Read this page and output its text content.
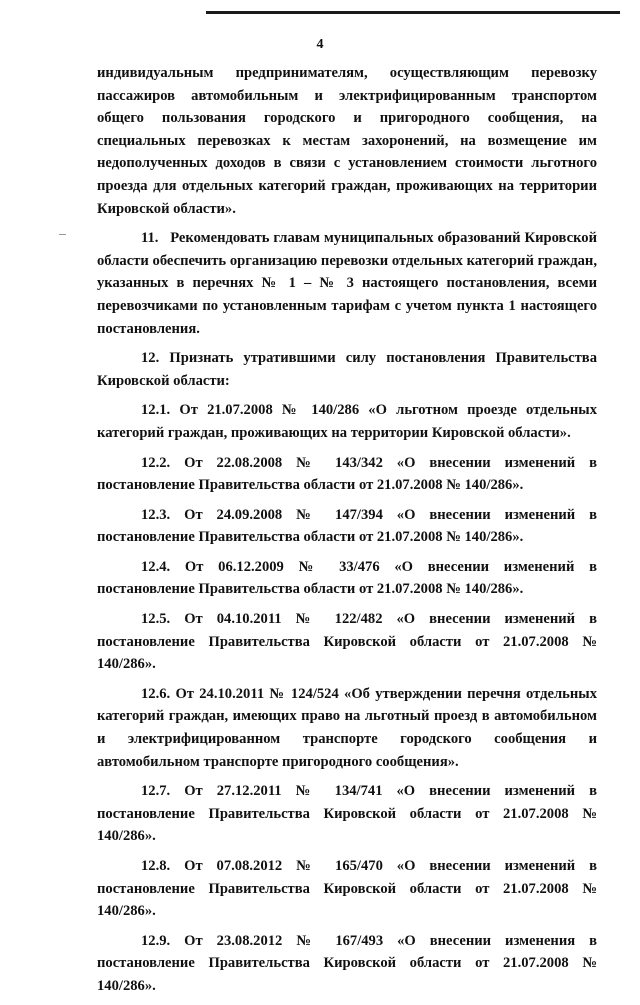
4

индивидуальным предпринимателям, осуществляющим перевозку пассажиров автомобильным и электрифицированным транспортом общего пользования городского и пригородного сообщения, на специальных перевозках к местам захоронений, на возмещение им недополученных доходов в связи с установлением стоимости льготного проезда для отдельных категорий граждан, проживающих на территории Кировской области».

11.   Рекомендовать главам муниципальных образований Кировской области обеспечить организацию перевозки отдельных категорий граждан, указанных в перечнях № 1 – № 3 настоящего постановления, всеми перевозчиками по установленным тарифам с учетом пункта 1 настоящего постановления.

12. Признать утратившими силу постановления Правительства Кировской области:

12.1. От 21.07.2008 № 140/286 «О льготном проезде отдельных категорий граждан, проживающих на территории Кировской области».

12.2. От 22.08.2008 № 143/342 «О внесении изменений в постановление Правительства области от 21.07.2008 № 140/286».

12.3. От 24.09.2008 № 147/394 «О внесении изменений в постановление Правительства области от 21.07.2008 № 140/286».

12.4. От 06.12.2009 № 33/476 «О внесении изменений в постановление Правительства области от 21.07.2008 № 140/286».

12.5. От 04.10.2011 № 122/482 «О внесении изменений в постановление Правительства Кировской области от 21.07.2008 № 140/286».

12.6. От 24.10.2011 № 124/524 «Об утверждении перечня отдельных категорий граждан, имеющих право на льготный проезд в автомобильном и электрифицированном транспорте городского сообщения и автомобильном транспорте пригородного сообщения».

12.7. От 27.12.2011 № 134/741 «О внесении изменений в постановление Правительства Кировской области от 21.07.2008 № 140/286».

12.8. От 07.08.2012 № 165/470 «О внесении изменений в постановление Правительства Кировской области от 21.07.2008 № 140/286».

12.9. От 23.08.2012 № 167/493 «О внесении изменения в постановление Правительства Кировской области от 21.07.2008 № 140/286».
